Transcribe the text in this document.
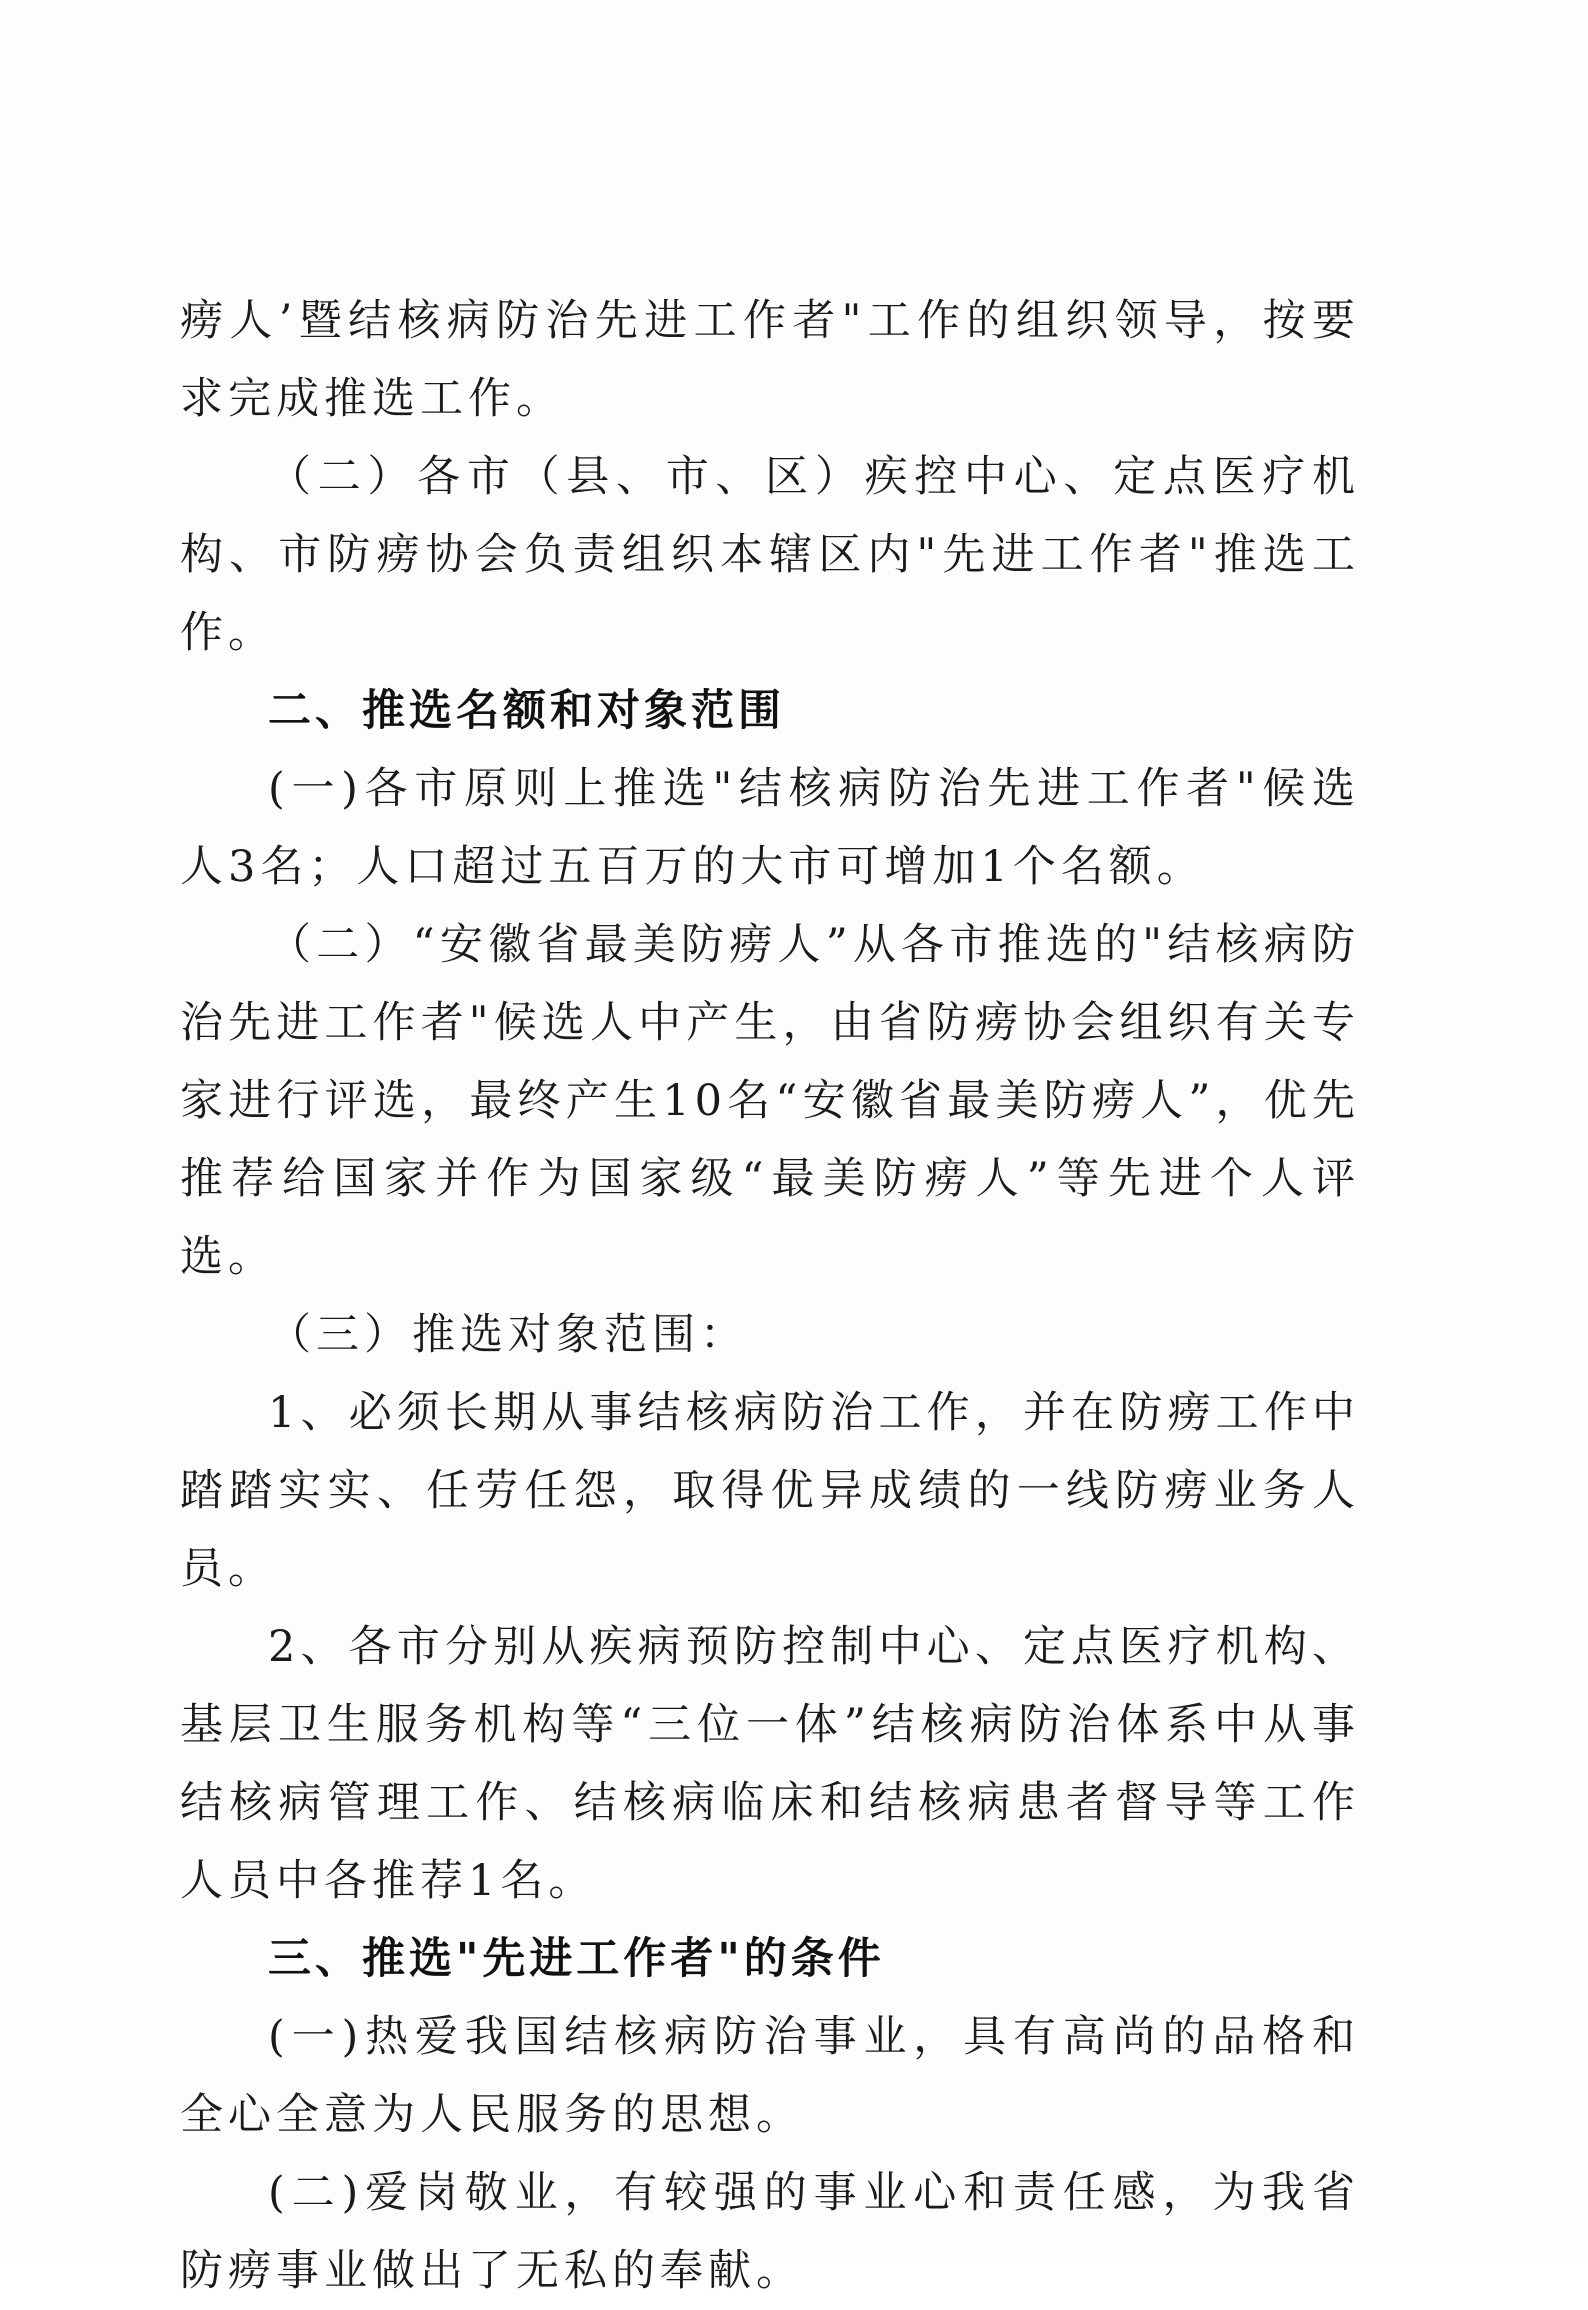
痨人’暨结核病防治先进工作者"工作的组织领导，按要求完成推选工作。

（二）各市（县、市、区）疾控中心、定点医疗机构、市防痨协会负责组织本辖区内"先进工作者"推选工作。

二、推选名额和对象范围

(一)各市原则上推选"结核病防治先进工作者"候选人3名；人口超过五百万的大市可增加1个名额。

（二）“安徽省最美防痨人”从各市推选的"结核病防治先进工作者"候选人中产生，由省防痨协会组织有关专家进行评选，最终产生10名“安徽省最美防痨人”，优先推荐给国家并作为国家级“最美防痨人”等先进个人评选。

（三）推选对象范围：

1、必须长期从事结核病防治工作，并在防痨工作中踏踏实实、任劳任怨，取得优异成绩的一线防痨业务人员。

2、各市分别从疾病预防控制中心、定点医疗机构、基层卫生服务机构等“三位一体”结核病防治体系中从事结核病管理工作、结核病临床和结核病患者督导等工作人员中各推荐1名。

三、推选"先进工作者"的条件

(一)热爱我国结核病防治事业，具有高尚的品格和全心全意为人民服务的思想。

(二)爱岗敬业，有较强的事业心和责任感，为我省防痨事业做出了无私的奉献。
